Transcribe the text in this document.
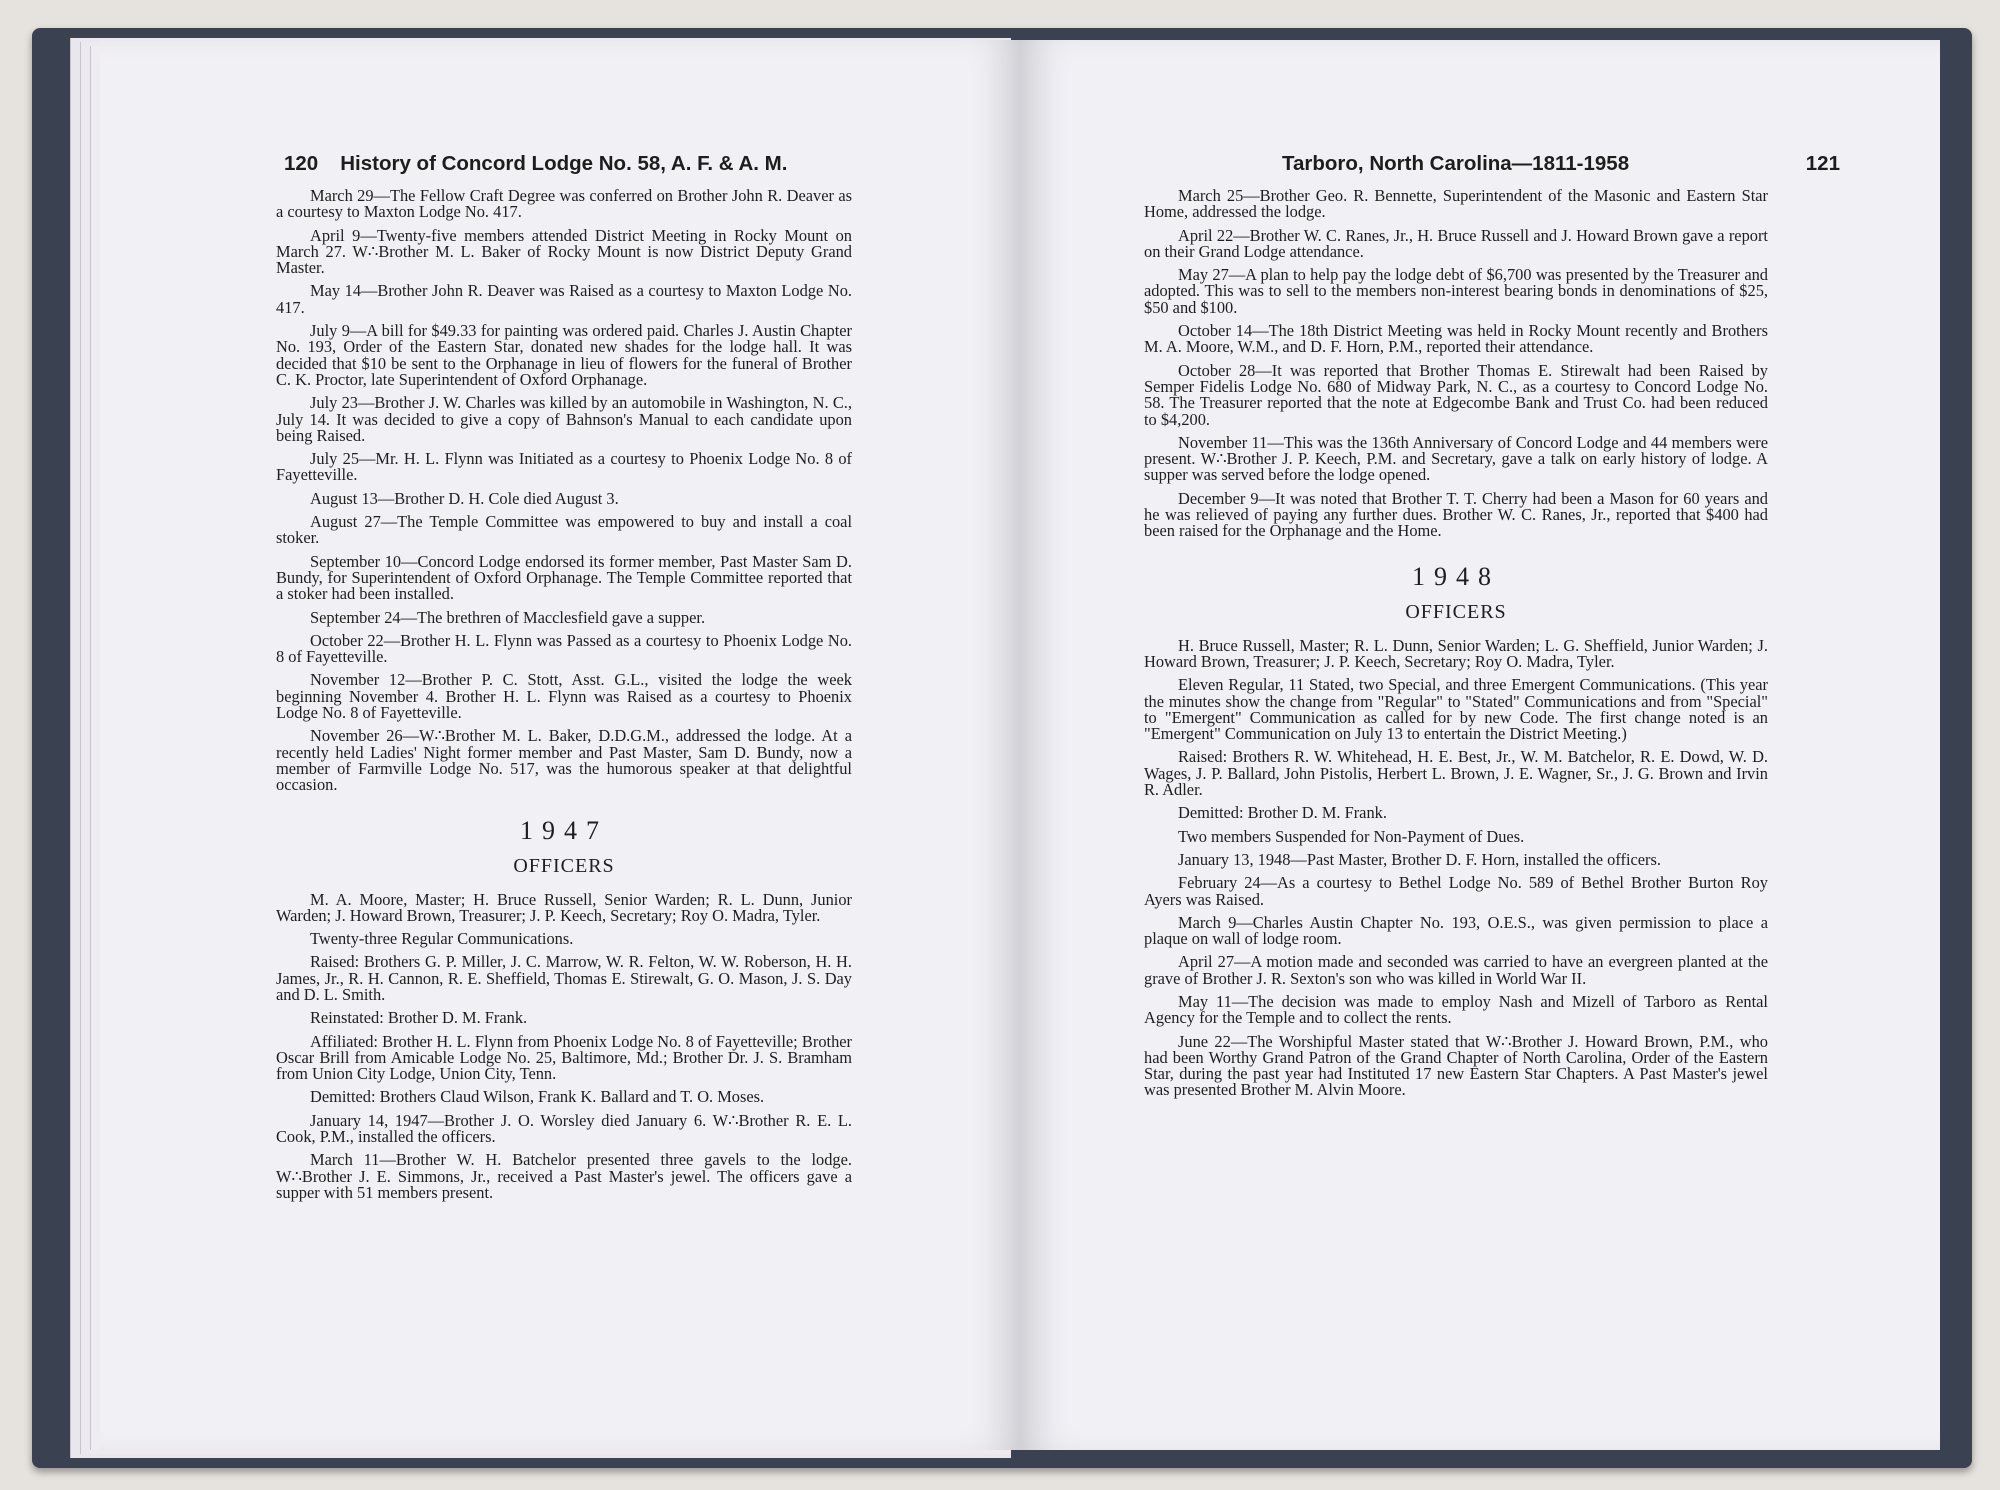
120 History of Concord Lodge No. 58, A. F. & A. M.

March 29—The Fellow Craft Degree was conferred on Brother John R. Deaver as a courtesy to Maxton Lodge No. 417.

April 9—Twenty-five members attended District Meeting in Rocky Mount on March 27. W∴Brother M. L. Baker of Rocky Mount is now District Deputy Grand Master.

May 14—Brother John R. Deaver was Raised as a courtesy to Maxton Lodge No. 417.

July 9—A bill for $49.33 for painting was ordered paid. Charles J. Austin Chapter No. 193, Order of the Eastern Star, donated new shades for the lodge hall. It was decided that $10 be sent to the Orphanage in lieu of flowers for the funeral of Brother C. K. Proctor, late Superintendent of Oxford Orphanage.

July 23—Brother J. W. Charles was killed by an automobile in Washington, N. C., July 14. It was decided to give a copy of Bahnson's Manual to each candidate upon being Raised.

July 25—Mr. H. L. Flynn was Initiated as a courtesy to Phoenix Lodge No. 8 of Fayetteville.

August 13—Brother D. H. Cole died August 3.

August 27—The Temple Committee was empowered to buy and install a coal stoker.

September 10—Concord Lodge endorsed its former member, Past Master Sam D. Bundy, for Superintendent of Oxford Orphanage. The Temple Committee reported that a stoker had been installed.

September 24—The brethren of Macclesfield gave a supper.

October 22—Brother H. L. Flynn was Passed as a courtesy to Phoenix Lodge No. 8 of Fayetteville.

November 12—Brother P. C. Stott, Asst. G.L., visited the lodge the week beginning November 4. Brother H. L. Flynn was Raised as a courtesy to Phoenix Lodge No. 8 of Fayetteville.

November 26—W∴Brother M. L. Baker, D.D.G.M., addressed the lodge. At a recently held Ladies' Night former member and Past Master, Sam D. Bundy, now a member of Farmville Lodge No. 517, was the humorous speaker at that delightful occasion.

1947
OFFICERS

M. A. Moore, Master; H. Bruce Russell, Senior Warden; R. L. Dunn, Junior Warden; J. Howard Brown, Treasurer; J. P. Keech, Secretary; Roy O. Madra, Tyler.

Twenty-three Regular Communications.

Raised: Brothers G. P. Miller, J. C. Marrow, W. R. Felton, W. W. Roberson, H. H. James, Jr., R. H. Cannon, R. E. Sheffield, Thomas E. Stirewalt, G. O. Mason, J. S. Day and D. L. Smith.

Reinstated: Brother D. M. Frank.

Affiliated: Brother H. L. Flynn from Phoenix Lodge No. 8 of Fayetteville; Brother Oscar Brill from Amicable Lodge No. 25, Baltimore, Md.; Brother Dr. J. S. Bramham from Union City Lodge, Union City, Tenn.

Demitted: Brothers Claud Wilson, Frank K. Ballard and T. O. Moses.

January 14, 1947—Brother J. O. Worsley died January 6. W∴Brother R. E. L. Cook, P.M., installed the officers.

March 11—Brother W. H. Batchelor presented three gavels to the lodge. W∴Brother J. E. Simmons, Jr., received a Past Master's jewel. The officers gave a supper with 51 members present.

Tarboro, North Carolina—1811-1958	121

March 25—Brother Geo. R. Bennette, Superintendent of the Masonic and Eastern Star Home, addressed the lodge.

April 22—Brother W. C. Ranes, Jr., H. Bruce Russell and J. Howard Brown gave a report on their Grand Lodge attendance.

May 27—A plan to help pay the lodge debt of $6,700 was presented by the Treasurer and adopted. This was to sell to the members non-interest bearing bonds in denominations of $25, $50 and $100.

October 14—The 18th District Meeting was held in Rocky Mount recently and Brothers M. A. Moore, W.M., and D. F. Horn, P.M., reported their attendance.

October 28—It was reported that Brother Thomas E. Stirewalt had been Raised by Semper Fidelis Lodge No. 680 of Midway Park, N. C., as a courtesy to Concord Lodge No. 58. The Treasurer reported that the note at Edgecombe Bank and Trust Co. had been reduced to $4,200.

November 11—This was the 136th Anniversary of Concord Lodge and 44 members were present. W∴Brother J. P. Keech, P.M. and Secretary, gave a talk on early history of lodge. A supper was served before the lodge opened.

December 9—It was noted that Brother T. T. Cherry had been a Mason for 60 years and he was relieved of paying any further dues. Brother W. C. Ranes, Jr., reported that $400 had been raised for the Orphanage and the Home.

1948
OFFICERS

H. Bruce Russell, Master; R. L. Dunn, Senior Warden; L. G. Sheffield, Junior Warden; J. Howard Brown, Treasurer; J. P. Keech, Secretary; Roy O. Madra, Tyler.

Eleven Regular, 11 Stated, two Special, and three Emergent Communications. (This year the minutes show the change from "Regular" to "Stated" Communications and from "Special" to "Emergent" Communication as called for by new Code. The first change noted is an "Emergent" Communication on July 13 to entertain the District Meeting.)

Raised: Brothers R. W. Whitehead, H. E. Best, Jr., W. M. Batchelor, R. E. Dowd, W. D. Wages, J. P. Ballard, John Pistolis, Herbert L. Brown, J. E. Wagner, Sr., J. G. Brown and Irvin R. Adler.

Demitted: Brother D. M. Frank.

Two members Suspended for Non-Payment of Dues.

January 13, 1948—Past Master, Brother D. F. Horn, installed the officers.

February 24—As a courtesy to Bethel Lodge No. 589 of Bethel Brother Burton Roy Ayers was Raised.

March 9—Charles Austin Chapter No. 193, O.E.S., was given permission to place a plaque on wall of lodge room.

April 27—A motion made and seconded was carried to have an evergreen planted at the grave of Brother J. R. Sexton's son who was killed in World War II.

May 11—The decision was made to employ Nash and Mizell of Tarboro as Rental Agency for the Temple and to collect the rents.

June 22—The Worshipful Master stated that W∴Brother J. Howard Brown, P.M., who had been Worthy Grand Patron of the Grand Chapter of North Carolina, Order of the Eastern Star, during the past year had Instituted 17 new Eastern Star Chapters. A Past Master's jewel was presented Brother M. Alvin Moore.
